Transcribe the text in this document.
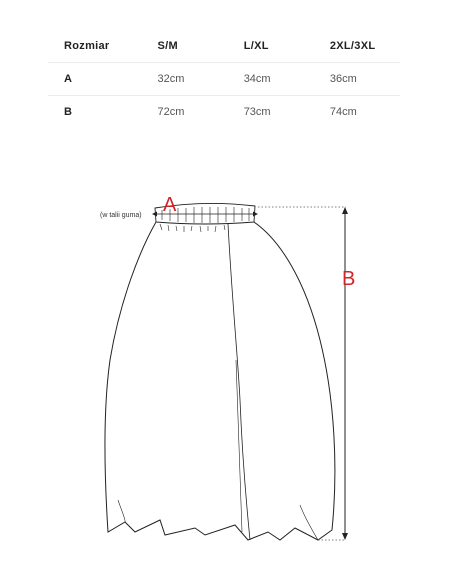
Rozmiar	S/M	L/XL	2XL/3XL
A	32cm	34cm	36cm
B	72cm	73cm	74cm
A
(w talii guma)
B
